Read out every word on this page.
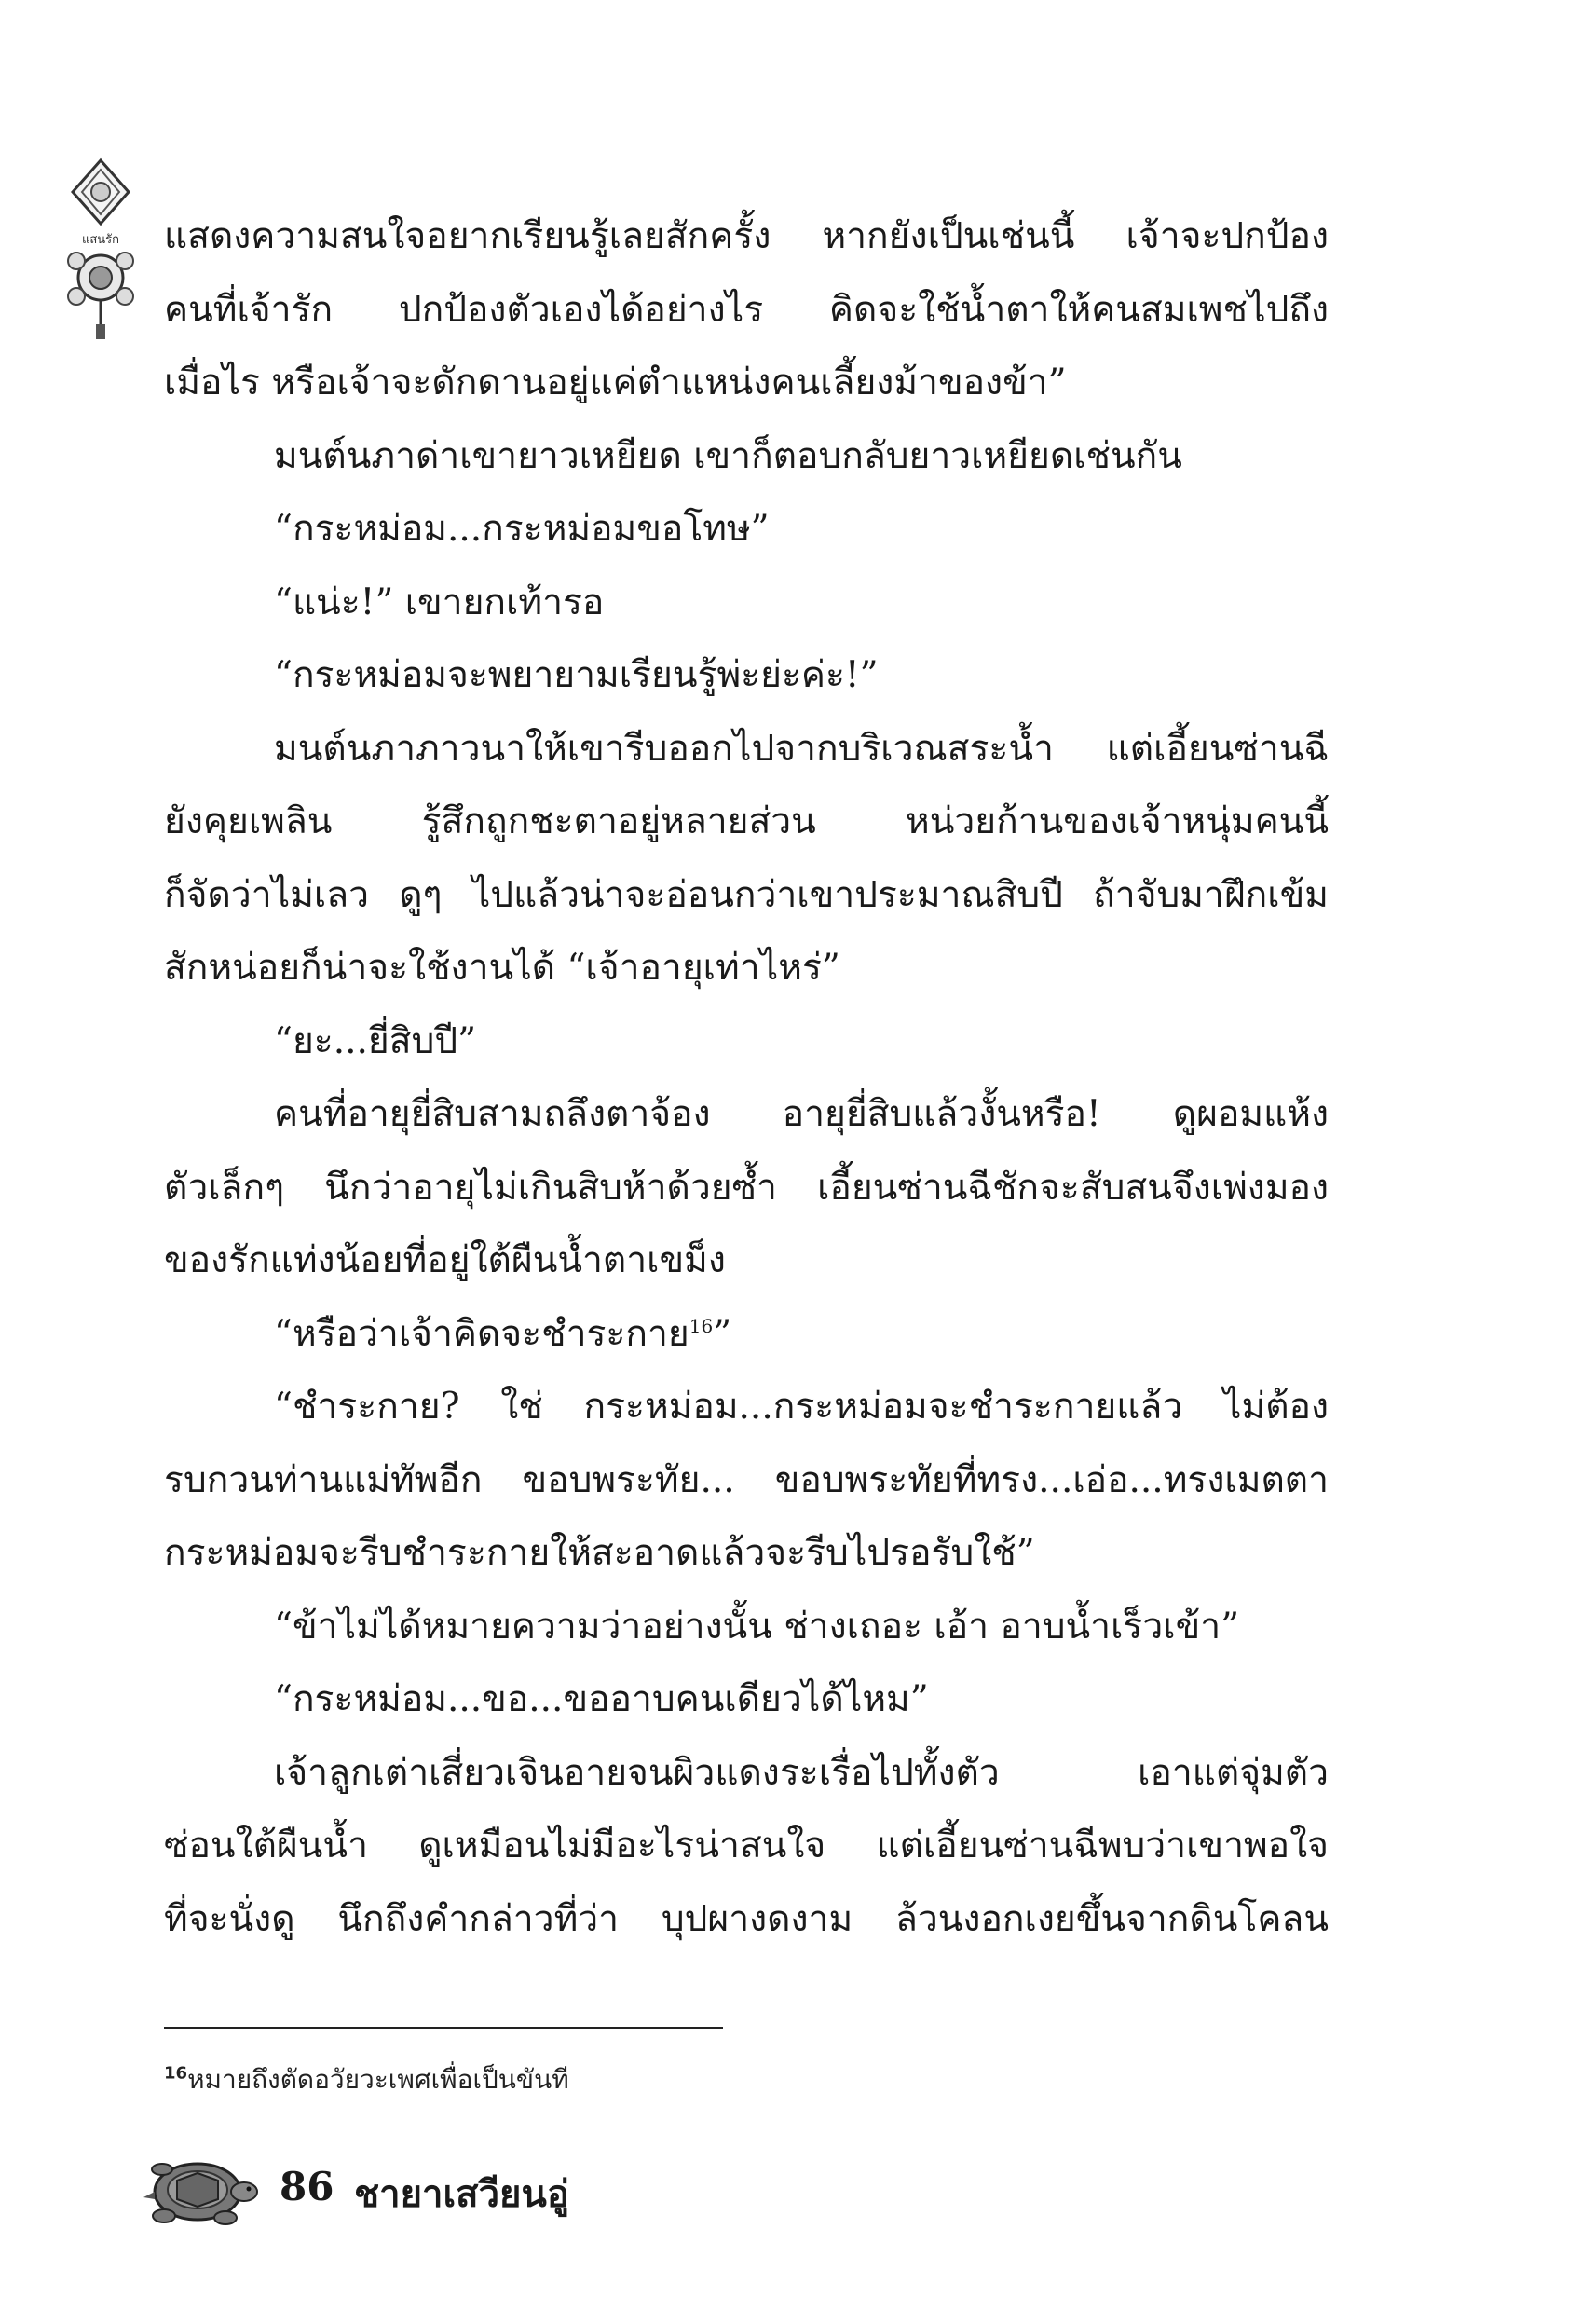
แสนรัก	แสดงความสนใจอยากเรียนรู้เลยสักครั้ง หากยังเป็นเช่นนี้ เจ้าจะปกป้อง
คนที่เจ้ารัก ปกป้องตัวเองได้อย่างไร คิดจะใช้น้ำตาให้คนสมเพชไปถึง
เมื่อไร หรือเจ้าจะดักดานอยู่แค่ตำแหน่งคนเลี้ยงม้าของข้า”
มนต์นภาด่าเขายาวเหยียด เขาก็ตอบกลับยาวเหยียดเช่นกัน
“กระหม่อม...กระหม่อมขอโทษ”
“แน่ะ!” เขายกเท้ารอ
“กระหม่อมจะพยายามเรียนรู้พ่ะย่ะค่ะ!”
มนต์นภาภาวนาให้เขารีบออกไปจากบริเวณสระน้ำ แต่เอี้ยนซ่านฉี
ยังคุยเพลิน รู้สึกถูกชะตาอยู่หลายส่วน หน่วยก้านของเจ้าหนุ่มคนนี้
ก็จัดว่าไม่เลว ดูๆ ไปแล้วน่าจะอ่อนกว่าเขาประมาณสิบปี ถ้าจับมาฝึกเข้ม
สักหน่อยก็น่าจะใช้งานได้ “เจ้าอายุเท่าไหร่”
“ยะ...ยี่สิบปี”
คนที่อายุยี่สิบสามถลึงตาจ้อง อายุยี่สิบแล้วงั้นหรือ! ดูผอมแห้ง
ตัวเล็กๆ นึกว่าอายุไม่เกินสิบห้าด้วยซ้ำ เอี้ยนซ่านฉีชักจะสับสนจึงเพ่งมอง
ของรักแท่งน้อยที่อยู่ใต้ผืนน้ำตาเขม็ง
“หรือว่าเจ้าคิดจะชำระกาย$^{16}$”
“ชำระกาย? ใช่ กระหม่อม...กระหม่อมจะชำระกายแล้ว ไม่ต้อง
รบกวนท่านแม่ทัพอีก ขอบพระทัย... ขอบพระทัยที่ทรง...เอ่อ...ทรงเมตตา
กระหม่อมจะรีบชำระกายให้สะอาดแล้วจะรีบไปรอรับใช้”
“ข้าไม่ได้หมายความว่าอย่างนั้น ช่างเถอะ เอ้า อาบน้ำเร็วเข้า”
“กระหม่อม...ขอ...ขออาบคนเดียวได้ไหม”
เจ้าลูกเต่าเสี่ยวเจินอายจนผิวแดงระเรื่อไปทั้งตัว เอาแต่จุ่มตัว
ซ่อนใต้ผืนน้ำ ดูเหมือนไม่มีอะไรน่าสนใจ แต่เอี้ยนซ่านฉีพบว่าเขาพอใจ
ที่จะนั่งดู นึกถึงคำกล่าวที่ว่า บุปผางดงาม ล้วนงอกเงยขึ้นจากดินโคลน
$^{16}$หมายถึงตัดอวัยวะเพศเพื่อเป็นขันที
86 ชายาเสวียนอู่
